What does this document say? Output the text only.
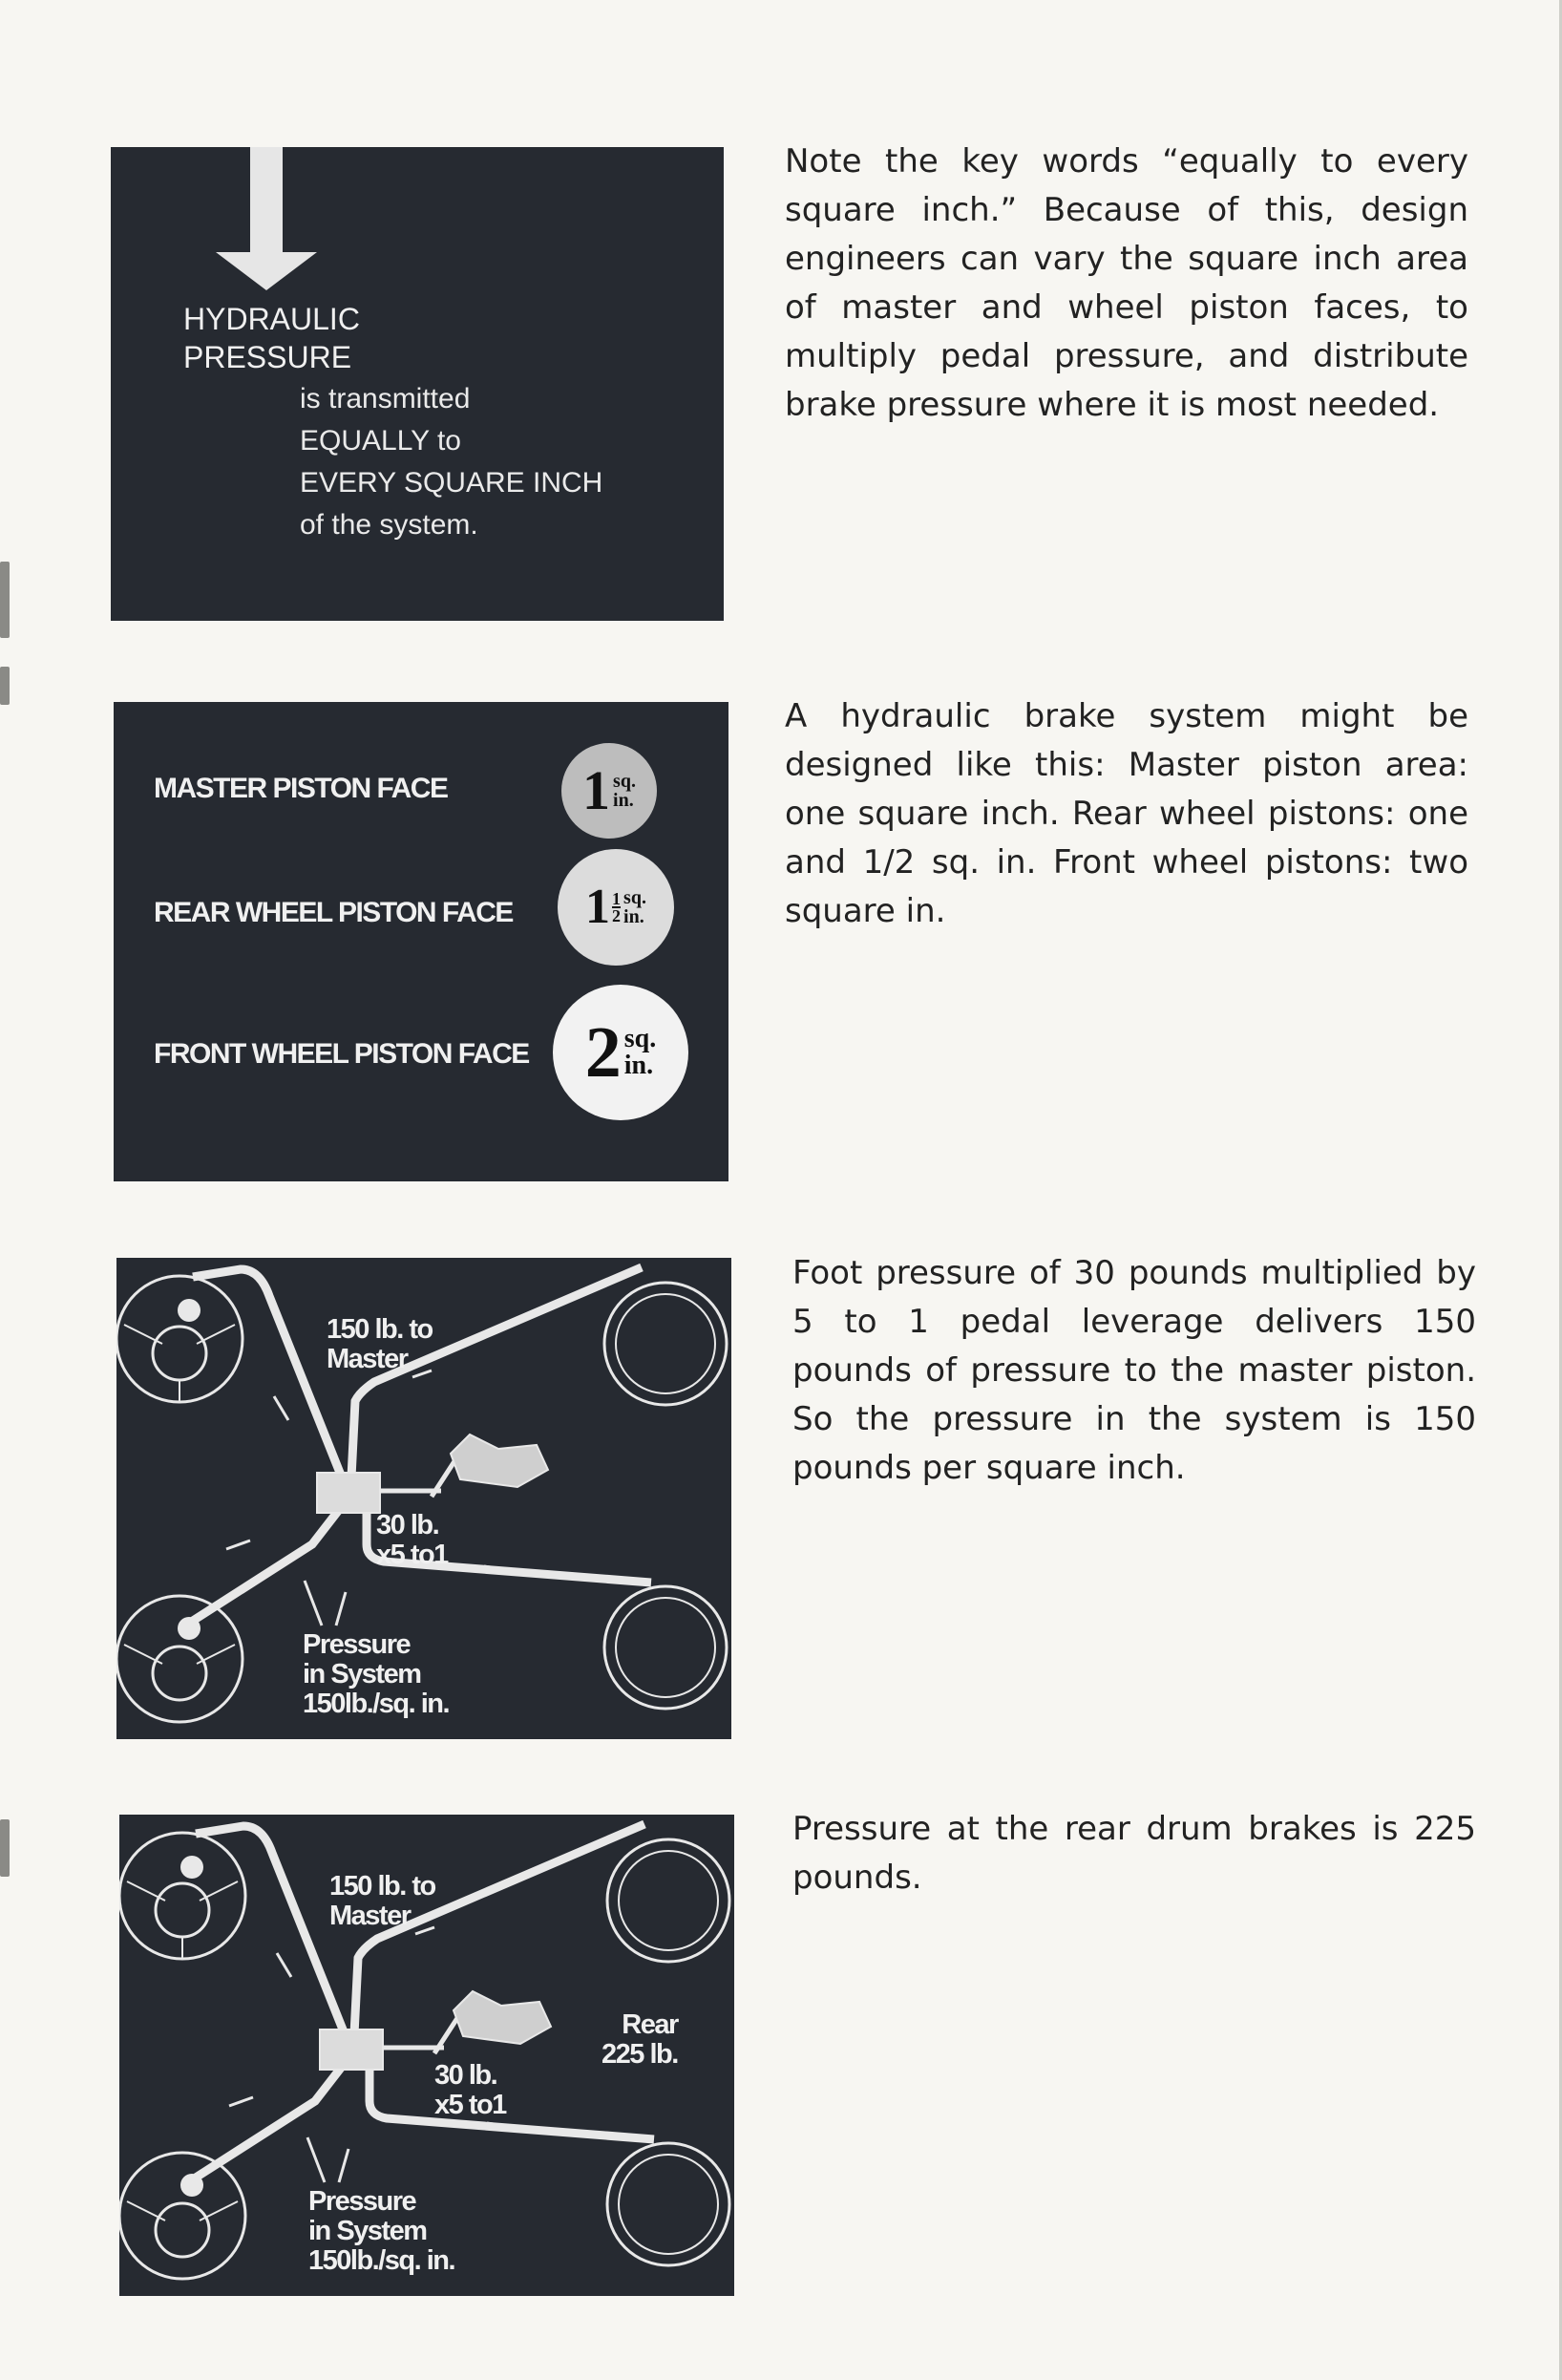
HYDRAULIC
PRESSURE
is transmitted
EQUALLY to
EVERY SQUARE INCH
of the system.

Note the key words “equally to every square inch.” Because of this, design engineers can vary the square inch area of master and wheel piston faces, to multiply pedal pressure, and distribute brake pressure where it is most needed.

MASTER PISTON FACE 1 sq.
in.
REAR WHEEL PISTON FACE $1 \frac{1}{2}$ sq.
in.
FRONT WHEEL PISTON FACE 2 sq.
in.

A hydraulic brake system might be designed like this: Master piston area: one square inch. Rear wheel pistons: one and 1/2 sq. in. Front wheel pistons: two square in.

150 lb. to
Master
30 lb.
x5 to1
Pressure
in System
150lb./sq. in.

Foot pressure of 30 pounds multiplied by 5 to 1 pedal leverage delivers 150 pounds of pressure to the master piston. So the pressure in the system is 150 pounds per square inch.

150 lb. to
Master
30 lb.
x5 to1
Rear
225 lb.
Pressure
in System
150lb./sq. in.

Pressure at the rear drum brakes is 225 pounds.
